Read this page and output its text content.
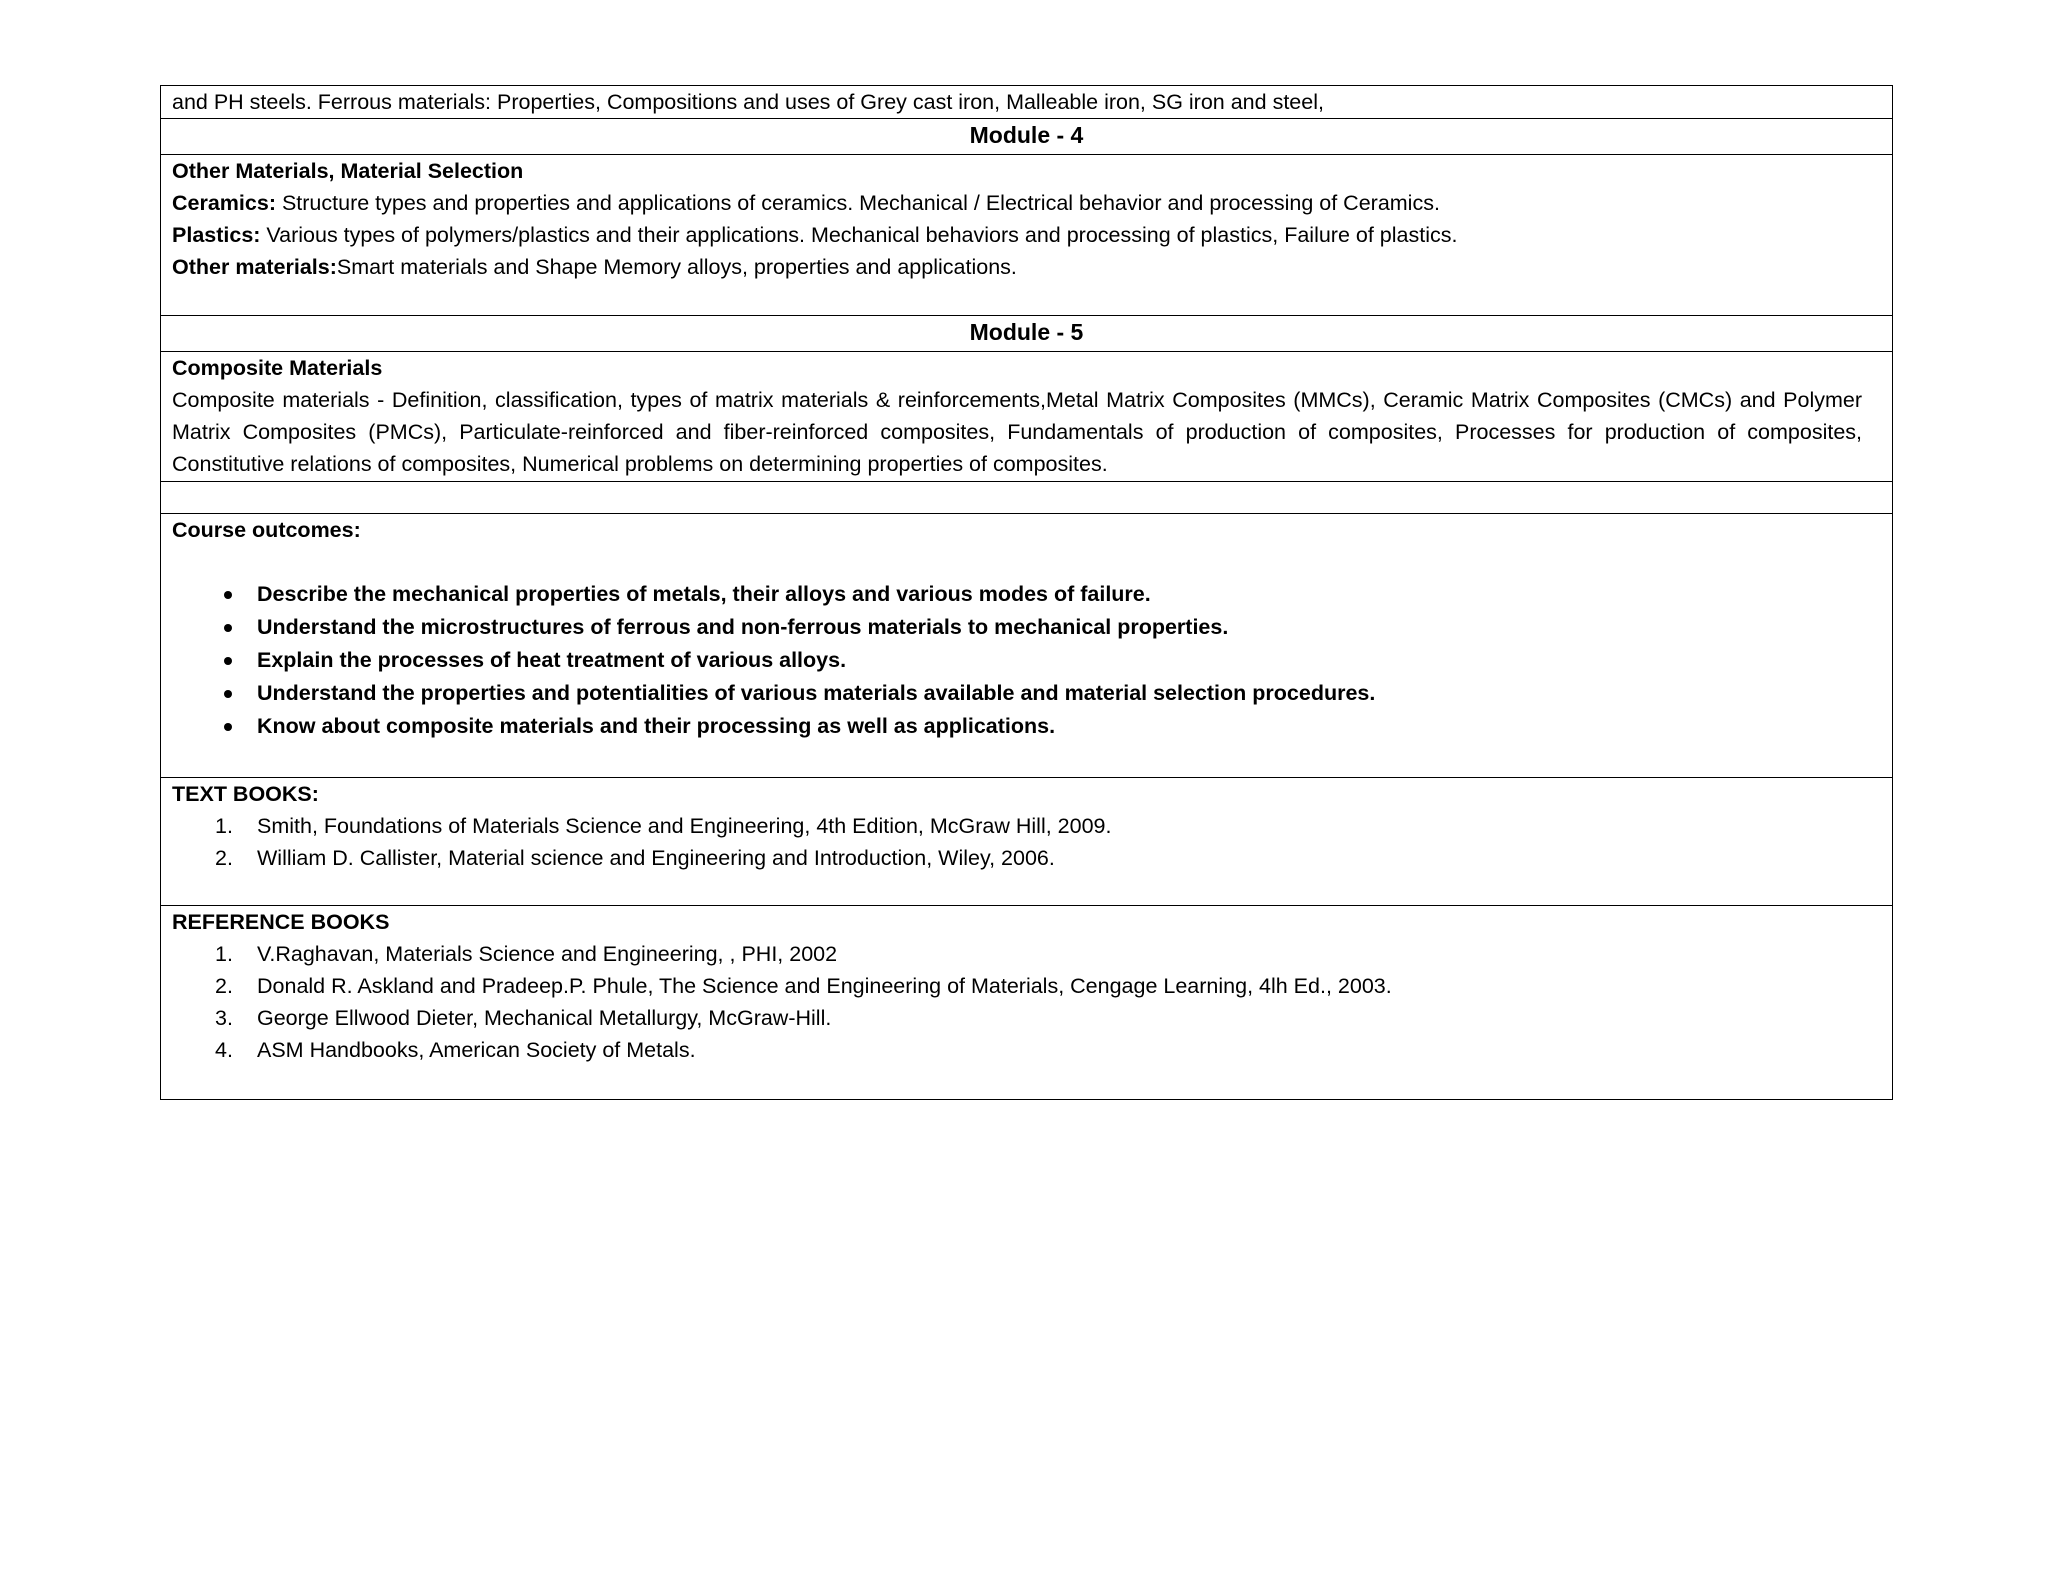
and PH steels. Ferrous materials: Properties, Compositions and uses of Grey cast iron, Malleable iron, SG iron and steel,
Module - 4
Other Materials, Material Selection
Ceramics: Structure types and properties and applications of ceramics. Mechanical / Electrical behavior and processing of Ceramics.
Plastics: Various types of polymers/plastics and their applications. Mechanical behaviors and processing of plastics, Failure of plastics.
Other materials:Smart materials and Shape Memory alloys, properties and applications.
Module - 5
Composite Materials
Composite materials - Definition, classification, types of matrix materials & reinforcements,Metal Matrix Composites (MMCs), Ceramic Matrix Composites (CMCs) and Polymer Matrix Composites (PMCs), Particulate-reinforced and fiber-reinforced composites, Fundamentals of production of composites, Processes for production of composites, Constitutive relations of composites, Numerical problems on determining properties of composites.
Course outcomes:
Describe the mechanical properties of metals, their alloys and various modes of failure.
Understand the microstructures of ferrous and non-ferrous materials to mechanical properties.
Explain the processes of heat treatment of various alloys.
Understand the properties and potentialities of various materials available and material selection procedures.
Know about composite materials and their processing as well as applications.
TEXT BOOKS:
1. Smith, Foundations of Materials Science and Engineering, 4th Edition, McGraw Hill, 2009.
2. William D. Callister, Material science and Engineering and Introduction, Wiley, 2006.
REFERENCE BOOKS
1. V.Raghavan, Materials Science and Engineering, , PHI, 2002
2. Donald R. Askland and Pradeep.P. Phule, The Science and Engineering of Materials, Cengage Learning, 4lh Ed., 2003.
3. George Ellwood Dieter, Mechanical Metallurgy, McGraw-Hill.
4. ASM Handbooks, American Society of Metals.
